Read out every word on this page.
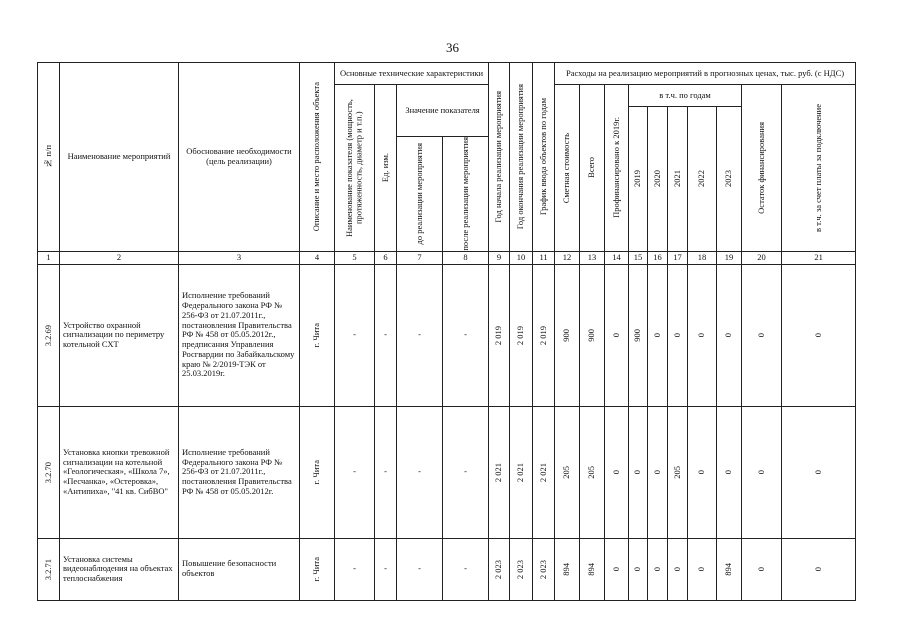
36
№ п/п	Наименование мероприятий	Обоснование необходимости (цель реализации)	Описание и место расположения объекта	Основные технические характеристики				Год начала реализации мероприятия	Год окончания реализации мероприятия	График ввода объектов по годам	Расходы на реализацию мероприятий в прогнозных ценах, тыс. руб. (с НДС)									

				Наименование показателя (мощность, протяженность, диаметр и т.п.)	Ед. изм.	Значение показателя					Сметная стоимость	Всего	Профинансировано к 2019г.	в т.ч. по годам					Остаток финансирования	в т.ч. за счет платы за подключение

														2019	2020	2021	2022	2023		

						до реализации мероприятия	после реализации мероприятия													

1	2	3	4	5	6	7	8	9	10	11	12	13	14	15	16	17	18	19	20	21

3.2.69	Устройство охранной сигнализации по периметру котельной СХТ	Исполнение требований Федерального закона РФ № 256-ФЗ от 21.07.2011г., постановления Правительства РФ № 458 от 05.05.2012г., предписания Управления Росгвардии по Забайкальскому краю № 2/2019-ТЭК от 25.03.2019г.	г. Чита	-	-	-	-	2 019	2 019	2 019	900	900	0	900	0	0	0	0	0	0

3.2.70	Установка кнопки тревожной сигнализации на котельной «Геологическая», «Школа 7», «Песчанка», «Остеровка», «Антипиха», "41 кв. СибВО"	Исполнение требований Федерального закона РФ № 256-ФЗ от 21.07.2011г., постановления Правительства РФ № 458 от 05.05.2012г.	г. Чита	-	-	-	-	2 021	2 021	2 021	205	205	0	0	0	205	0	0	0	0

3.2.71	Установка системы видеонаблюдения на объектах теплоснабжения	Повышение безопасности объектов	г. Чита	-	-	-	-	2 023	2 023	2 023	894	894	0	0	0	0	0	894	0	0
